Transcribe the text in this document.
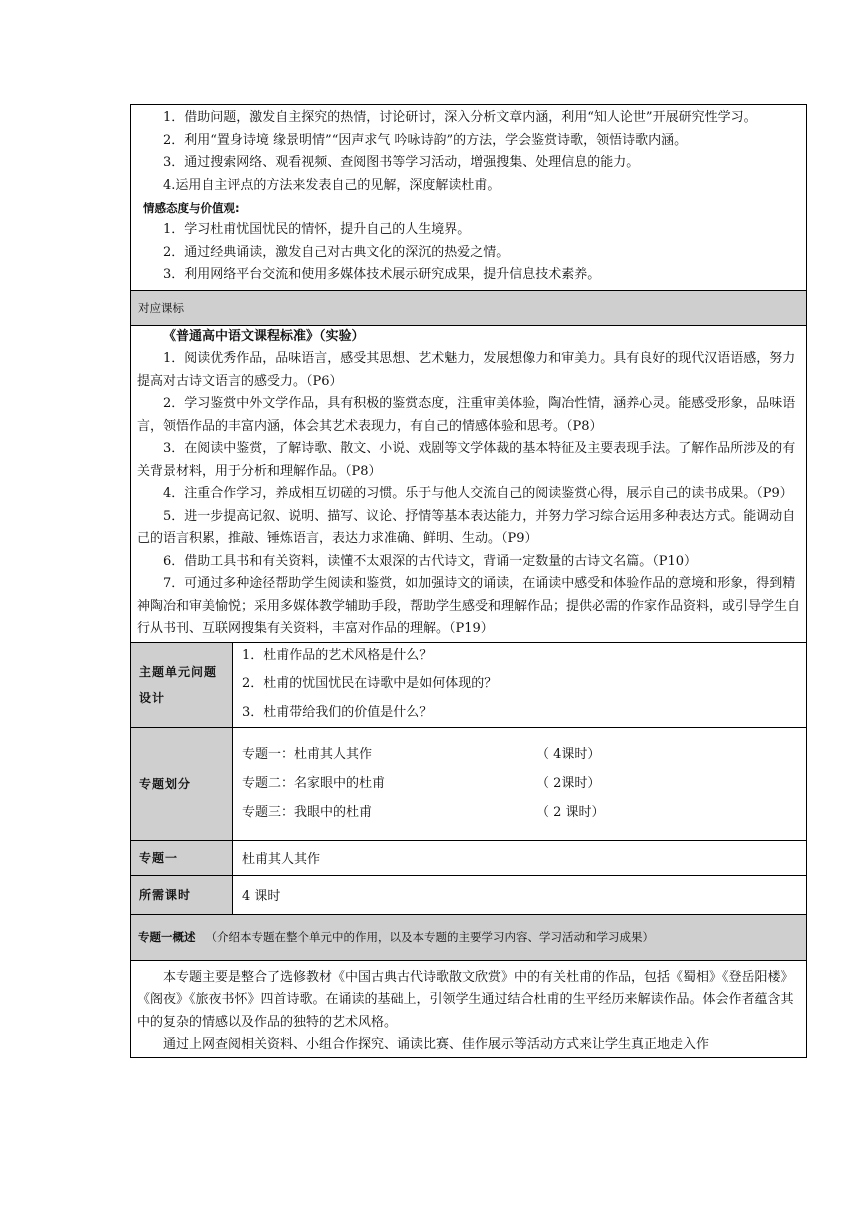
1．借助问题，激发自主探究的热情，讨论研讨，深入分析文章内涵，利用“知人论世”开展研究性学习。

2．利用“置身诗境 缘景明情”“因声求气 吟咏诗韵”的方法，学会鉴赏诗歌，领悟诗歌内涵。

3．通过搜索网络、观看视频、查阅图书等学习活动，增强搜集、处理信息的能力。

4.运用自主评点的方法来发表自己的见解，深度解读杜甫。

情感态度与价值观:

1．学习杜甫忧国忧民的情怀，提升自己的人生境界。

2．通过经典诵读，激发自己对古典文化的深沉的热爱之情。

3．利用网络平台交流和使用多媒体技术展示研究成果，提升信息技术素养。

对应课标

《普通高中语文课程标准》（实验）

1．阅读优秀作品，品味语言，感受其思想、艺术魅力，发展想像力和审美力。具有良好的现代汉语语感，努力提高对古诗文语言的感受力。（P6）

2．学习鉴赏中外文学作品，具有积极的鉴赏态度，注重审美体验，陶冶性情，涵养心灵。能感受形象，品味语言，领悟作品的丰富内涵，体会其艺术表现力，有自己的情感体验和思考。（P8）

3．在阅读中鉴赏，了解诗歌、散文、小说、戏剧等文学体裁的基本特征及主要表现手法。了解作品所涉及的有关背景材料，用于分析和理解作品。（P8）

4．注重合作学习，养成相互切磋的习惯。乐于与他人交流自己的阅读鉴赏心得，展示自己的读书成果。（P9）

5．进一步提高记叙、说明、描写、议论、抒情等基本表达能力，并努力学习综合运用多种表达方式。能调动自己的语言积累，推敲、锤炼语言，表达力求准确、鲜明、生动。（P9）

6．借助工具书和有关资料，读懂不太艰深的古代诗文，背诵一定数量的古诗文名篇。（P10）

7．可通过多种途径帮助学生阅读和鉴赏，如加强诗文的诵读，在诵读中感受和体验作品的意境和形象，得到精神陶冶和审美愉悦；采用多媒体教学辅助手段，帮助学生感受和理解作品；提供必需的作家作品资料，或引导学生自行从书刊、互联网搜集有关资料，丰富对作品的理解。（P19）

主题单元问题设计
1．杜甫作品的艺术风格是什么？
2．杜甫的忧国忧民在诗歌中是如何体现的？
3．杜甫带给我们的价值是什么？
专题划分
专题一：杜甫其人其作	（ 4课时）
专题二：名家眼中的杜甫	（ 2课时）
专题三：我眼中的杜甫	（ 2 课时）
专题一	杜甫其人其作
所需课时	4 课时
专题一概述 （介绍本专题在整个单元中的作用，以及本专题的主要学习内容、学习活动和学习成果）

本专题主要是整合了选修教材《中国古典古代诗歌散文欣赏》中的有关杜甫的作品，包括《蜀相》《登岳阳楼》《阁夜》《旅夜书怀》四首诗歌。在诵读的基础上，引领学生通过结合杜甫的生平经历来解读作品。体会作者蕴含其中的复杂的情感以及作品的独特的艺术风格。

通过上网查阅相关资料、小组合作探究、诵读比赛、佳作展示等活动方式来让学生真正地走入作
